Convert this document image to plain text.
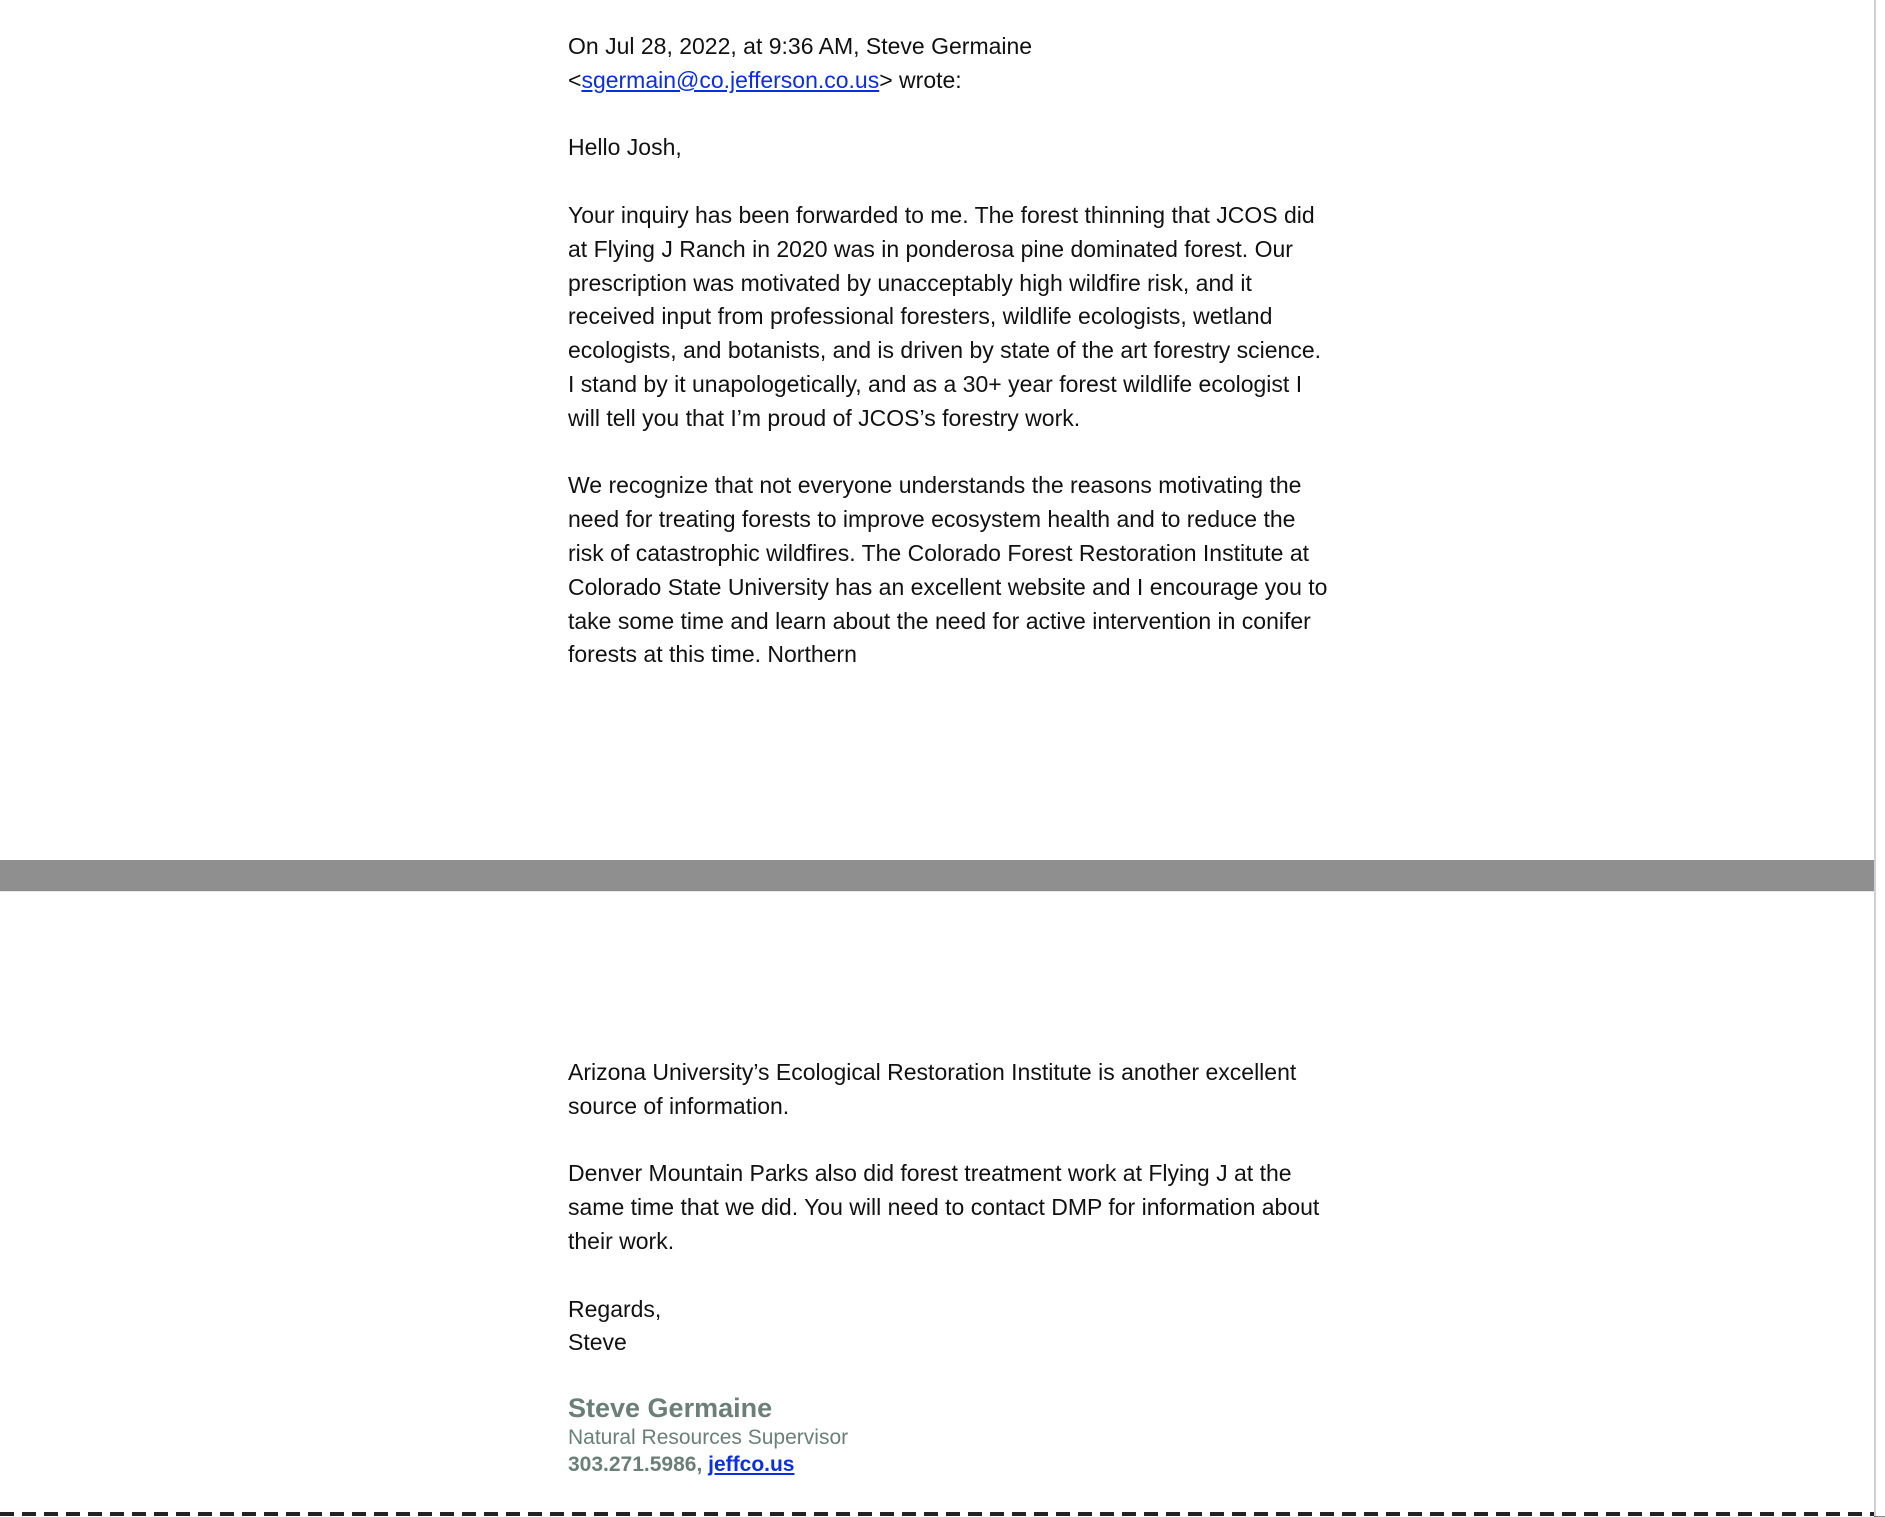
On Jul 28, 2022, at 9:36 AM, Steve Germaine

<sgermain@co.jefferson.co.us> wrote:

Hello Josh,

Your inquiry has been forwarded to me. The forest thinning that JCOS did at Flying J Ranch in 2020 was in ponderosa pine dominated forest. Our prescription was motivated by unacceptably high wildfire risk, and it received input from professional foresters, wildlife ecologists, wetland ecologists, and botanists, and is driven by state of the art forestry science. I stand by it unapologetically, and as a 30+ year forest wildlife ecologist I will tell you that I’m proud of JCOS’s forestry work.

We recognize that not everyone understands the reasons motivating the need for treating forests to improve ecosystem health and to reduce the risk of catastrophic wildfires. The Colorado Forest Restoration Institute at Colorado State University has an excellent website and I encourage you to take some time and learn about the need for active intervention in conifer forests at this time. Northern

Arizona University’s Ecological Restoration Institute is another excellent source of information.

Denver Mountain Parks also did forest treatment work at Flying J at the same time that we did. You will need to contact DMP for information about their work.

Regards,

Steve

Steve Germaine

Natural Resources Supervisor

303.271.5986, jeffco.us
